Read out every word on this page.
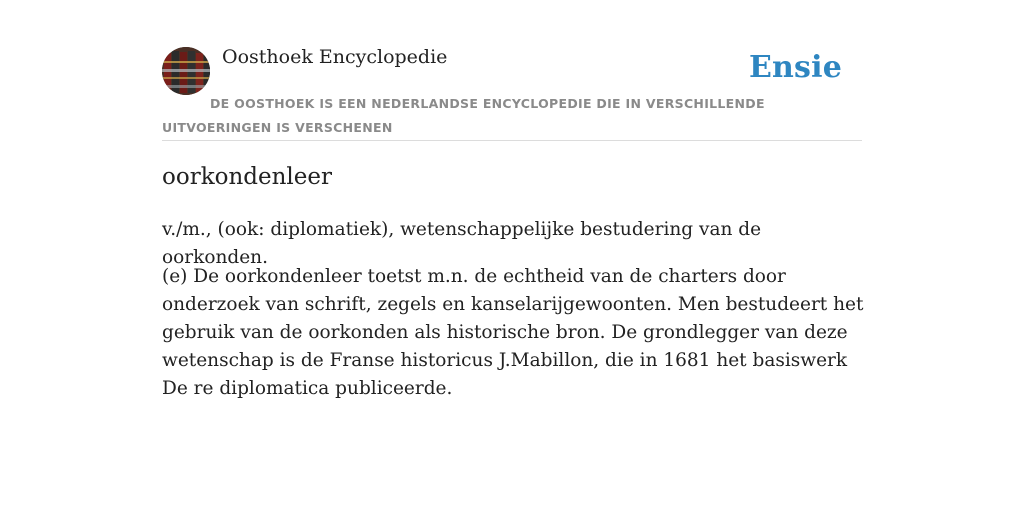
Oosthoek Encyclopedie	Ensie
DE OOSTHOEK IS EEN NEDERLANDSE ENCYCLOPEDIE DIE IN VERSCHILLENDE UITVOERINGEN IS VERSCHENEN
oorkondenleer

v./m., (ook: diplomatiek), wetenschappelijke bestudering van de oorkonden.

(e) De oorkondenleer toetst m.n. de echtheid van de charters door onderzoek van schrift, zegels en kanselarijgewoonten. Men bestudeert het gebruik van de oorkonden als historische bron. De grondlegger van deze wetenschap is de Franse historicus J.Mabillon, die in 1681 het basiswerk De re diplomatica publiceerde.
